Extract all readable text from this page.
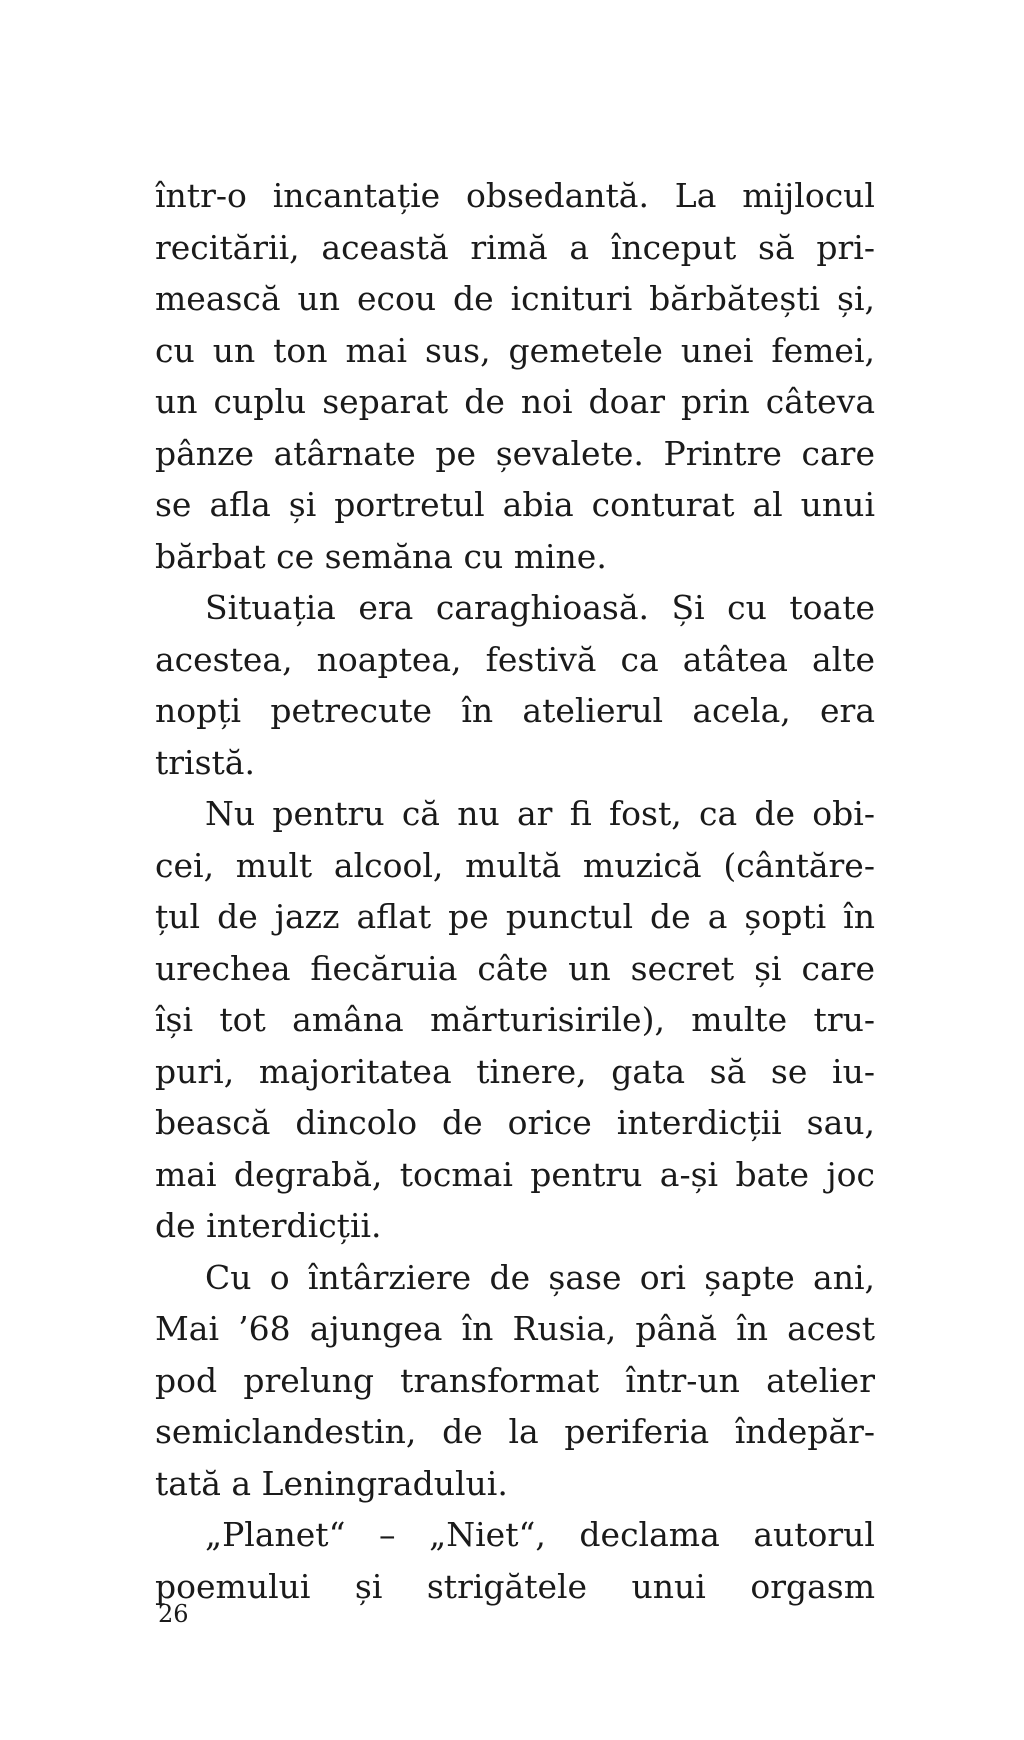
într-o incantație obsedantă. La mijlocul
recitării, această rimă a început să pri-
mească un ecou de icnituri bărbătești și,
cu un ton mai sus, gemetele unei femei,
un cuplu separat de noi doar prin câteva
pânze atârnate pe șevalete. Printre care
se afla și portretul abia conturat al unui
bărbat ce semăna cu mine.
Situația era caraghioasă. Și cu toate
acestea, noaptea, festivă ca atâtea alte
nopți petrecute în atelierul acela, era
tristă.
Nu pentru că nu ar fi fost, ca de obi-
cei, mult alcool, multă muzică (cântăre-
țul de jazz aflat pe punctul de a șopti în
urechea fiecăruia câte un secret și care
își tot amâna mărturisirile), multe tru-
puri, majoritatea tinere, gata să se iu-
bească dincolo de orice interdicții sau,
mai degrabă, tocmai pentru a-și bate joc
de interdicții.
Cu o întârziere de șase ori șapte ani,
Mai ’68 ajungea în Rusia, până în acest
pod prelung transformat într-un atelier
semiclandestin, de la periferia îndepăr-
tată a Leningradului.
„Planet“ – „Niet“, declama autorul
poemului și strigătele unui orgasm
26
